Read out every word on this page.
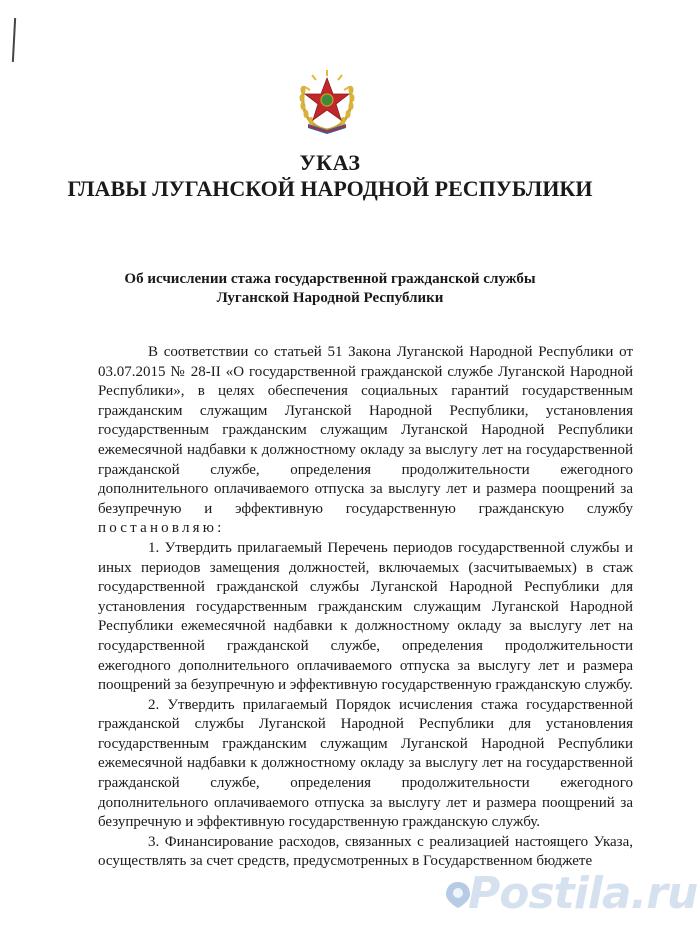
УКАЗ
ГЛАВЫ ЛУГАНСКОЙ НАРОДНОЙ РЕСПУБЛИКИ
Об исчислении стажа государственной гражданской службы
Луганской Народной Республики

В соответствии со статьей 51 Закона Луганской Народной Республики от 03.07.2015 № 28-II «О государственной гражданской службе Луганской Народной Республики», в целях обеспечения социальных гарантий государственным гражданским служащим Луганской Народной Республики, установления государственным гражданским служащим Луганской Народной Республики ежемесячной надбавки к должностному окладу за выслугу лет на государственной гражданской службе, определения продолжительности ежегодного дополнительного оплачиваемого отпуска за выслугу лет и размера поощрений за безупречную и эффективную государственную гражданскую службу постановляю:

1. Утвердить прилагаемый Перечень периодов государственной службы и иных периодов замещения должностей, включаемых (засчитываемых) в стаж государственной гражданской службы Луганской Народной Республики для установления государственным гражданским служащим Луганской Народной Республики ежемесячной надбавки к должностному окладу за выслугу лет на государственной гражданской службе, определения продолжительности ежегодного дополнительного оплачиваемого отпуска за выслугу лет и размера поощрений за безупречную и эффективную государственную гражданскую службу.

2. Утвердить прилагаемый Порядок исчисления стажа государственной гражданской службы Луганской Народной Республики для установления государственным гражданским служащим Луганской Народной Республики ежемесячной надбавки к должностному окладу за выслугу лет на государственной гражданской службе, определения продолжительности ежегодного дополнительного оплачиваемого отпуска за выслугу лет и размера поощрений за безупречную и эффективную государственную гражданскую службу.

3. Финансирование расходов, связанных с реализацией настоящего Указа, осуществлять за счет средств, предусмотренных в Государственном бюджете

Postila.ru
